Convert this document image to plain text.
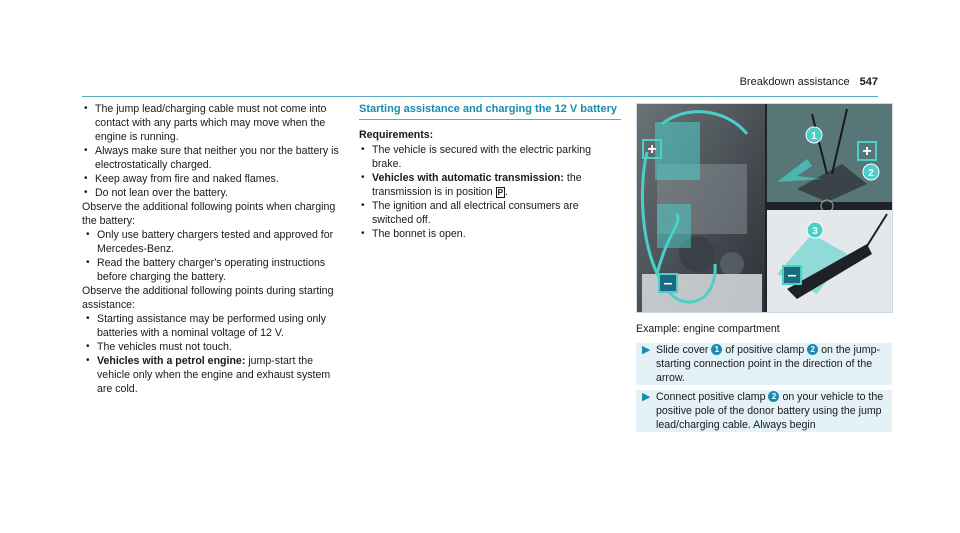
Breakdown assistance 547
• The jump lead/charging cable must not come into contact with any parts which may move when the engine is running.
• Always make sure that neither you nor the battery is electrostatically charged.
• Keep away from fire and naked flames.
• Do not lean over the battery.

Observe the additional following points when charging the battery:

• Only use battery chargers tested and approved for Mercedes-Benz.
• Read the battery charger's operating instructions before charging the battery.

Observe the additional following points during starting assistance:

• Starting assistance may be performed using only batteries with a nominal voltage of 12 V.
• The vehicles must not touch.
• Vehicles with a petrol engine: jump-start the vehicle only when the engine and exhaust system are cold.
Starting assistance and charging the 12 V battery

Requirements:

• The vehicle is secured with the electric parking brake.
• Vehicles with automatic transmission: the transmission is in position P .
• The ignition and all electrical consumers are switched off.
• The bonnet is open.
+
–
1
2
+
3
–
Example: engine compartment
▶ Slide cover 1 of positive clamp 2 on the jump-starting connection point in the direction of the arrow.
▶ Connect positive clamp 2 on your vehicle to the positive pole of the donor battery using the jump lead/charging cable. Always begin
